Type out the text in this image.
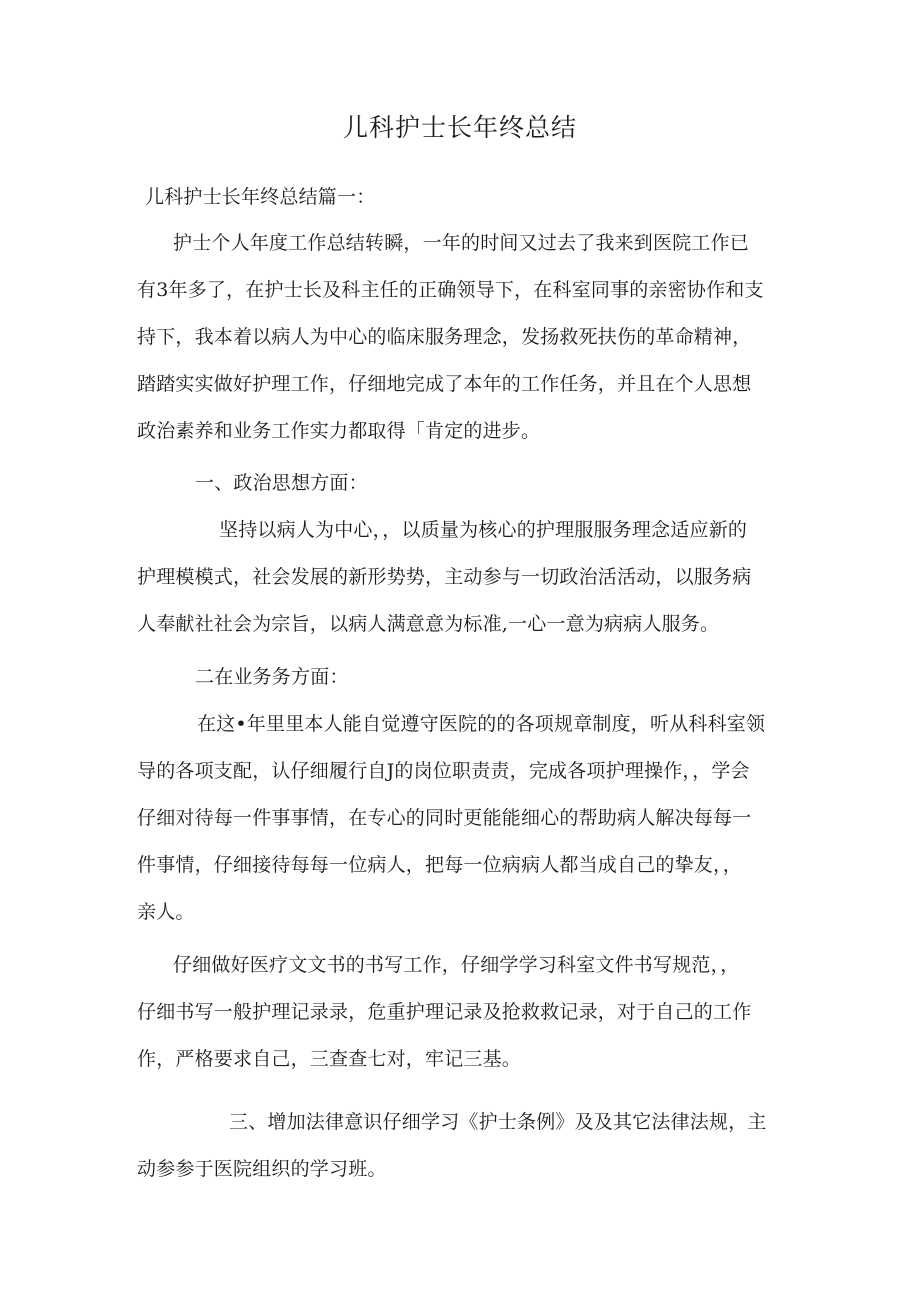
儿科护士长年终总结

儿科护士长年终总结篇一：

护士个人年度工作总结转瞬，一年的时间又过去了我来到医院工作已
有3年多了，在护士长及科主任的正确领导下，在科室同事的亲密协作和支
持下，我本着以病人为中心的临床服务理念，发扬救死扶伤的革命精神，
踏踏实实做好护理工作，仔细地完成了本年的工作任务，并且在个人思想
政治素养和业务工作实力都取得「肯定的进步。

一、政治思想方面：

坚持以病人为中心，，以质量为核心的护理服服务理念适应新的
护理模模式，社会发展的新形势势，主动参与一切政治活活动，以服务病
人奉献社社会为宗旨，以病人满意意为标准,一心一意为病病人服务。

二在业务务方面：

在这•年里里本人能自觉遵守医院的的各项规章制度，听从科科室领
导的各项支配，认仔细履行自J的岗位职责责，完成各项护理操作，，学会
仔细对待每一件事事情，在专心的同时更能能细心的帮助病人解决每每一
件事情，仔细接待每每一位病人，把每一位病病人都当成自己的挚友，，
亲人。

仔细做好医疗文文书的书写工作，仔细学学习科室文件书写规范，，
仔细书写一般护理记录录，危重护理记录及抢救救记录，对于自己的工作
作，严格要求自己，三查查七对，牢记三基。

三、增加法律意识仔细学习《护士条例》及及其它法律法规，主
动参参于医院组织的学习班。
